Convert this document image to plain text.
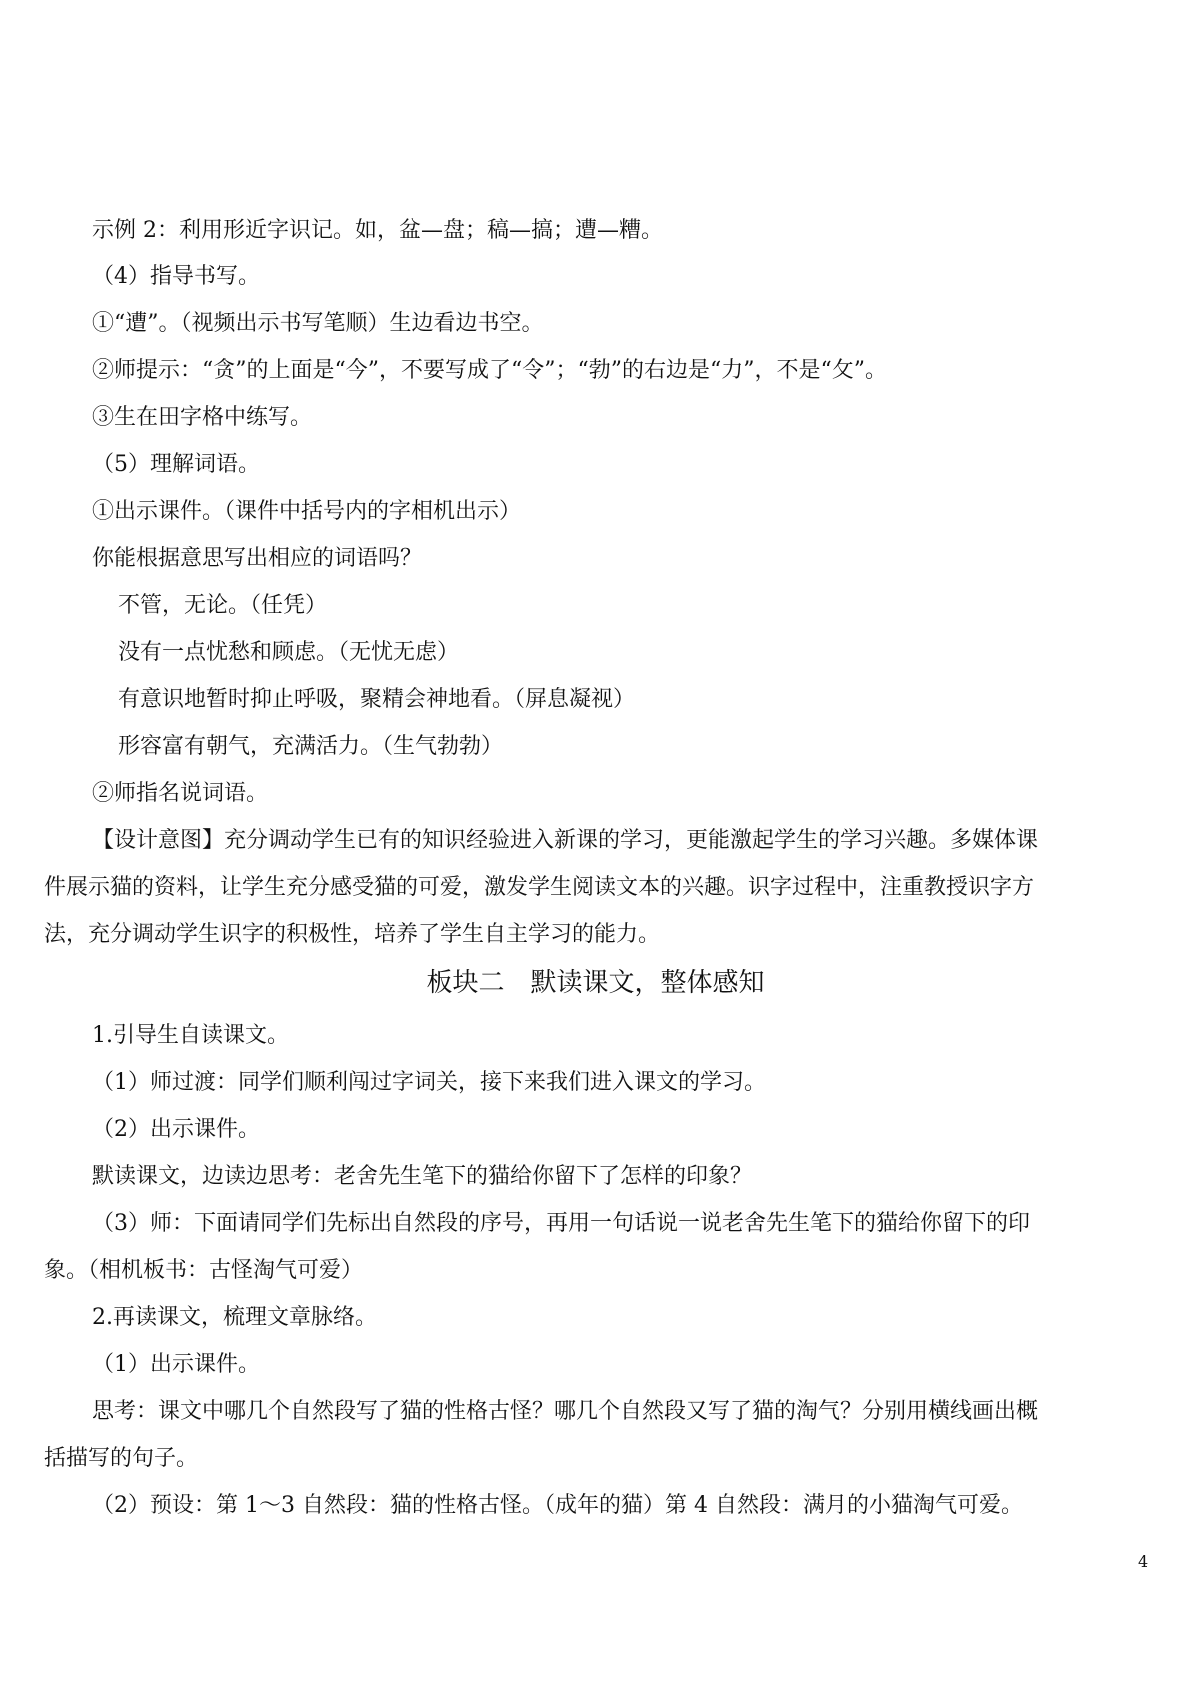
示例 2：利用形近字识记。如，盆—盘；稿—搞；遭—糟。
（4）指导书写。
①“遭”。（视频出示书写笔顺）生边看边书空。
②师提示：“贪”的上面是“今”，不要写成了“令”；“勃”的右边是“力”，不是“攵”。
③生在田字格中练写。
（5）理解词语。
①出示课件。（课件中括号内的字相机出示）
你能根据意思写出相应的词语吗？
不管，无论。（任凭）
没有一点忧愁和顾虑。（无忧无虑）
有意识地暂时抑止呼吸，聚精会神地看。（屏息凝视）
形容富有朝气，充满活力。（生气勃勃）
②师指名说词语。
【设计意图】充分调动学生已有的知识经验进入新课的学习，更能激起学生的学习兴趣。多媒体课
件展示猫的资料，让学生充分感受猫的可爱，激发学生阅读文本的兴趣。识字过程中，注重教授识字方
法，充分调动学生识字的积极性，培养了学生自主学习的能力。
板块二　默读课文，整体感知
1.引导生自读课文。
（1）师过渡：同学们顺利闯过字词关，接下来我们进入课文的学习。
（2）出示课件。
默读课文，边读边思考：老舍先生笔下的猫给你留下了怎样的印象？
（3）师：下面请同学们先标出自然段的序号，再用一句话说一说老舍先生笔下的猫给你留下的印
象。（相机板书：古怪淘气可爱）
2.再读课文，梳理文章脉络。
（1）出示课件。
思考：课文中哪几个自然段写了猫的性格古怪？哪几个自然段又写了猫的淘气？分别用横线画出概
括描写的句子。
（2）预设：第 1～3 自然段：猫的性格古怪。（成年的猫）第 4 自然段：满月的小猫淘气可爱。
4
